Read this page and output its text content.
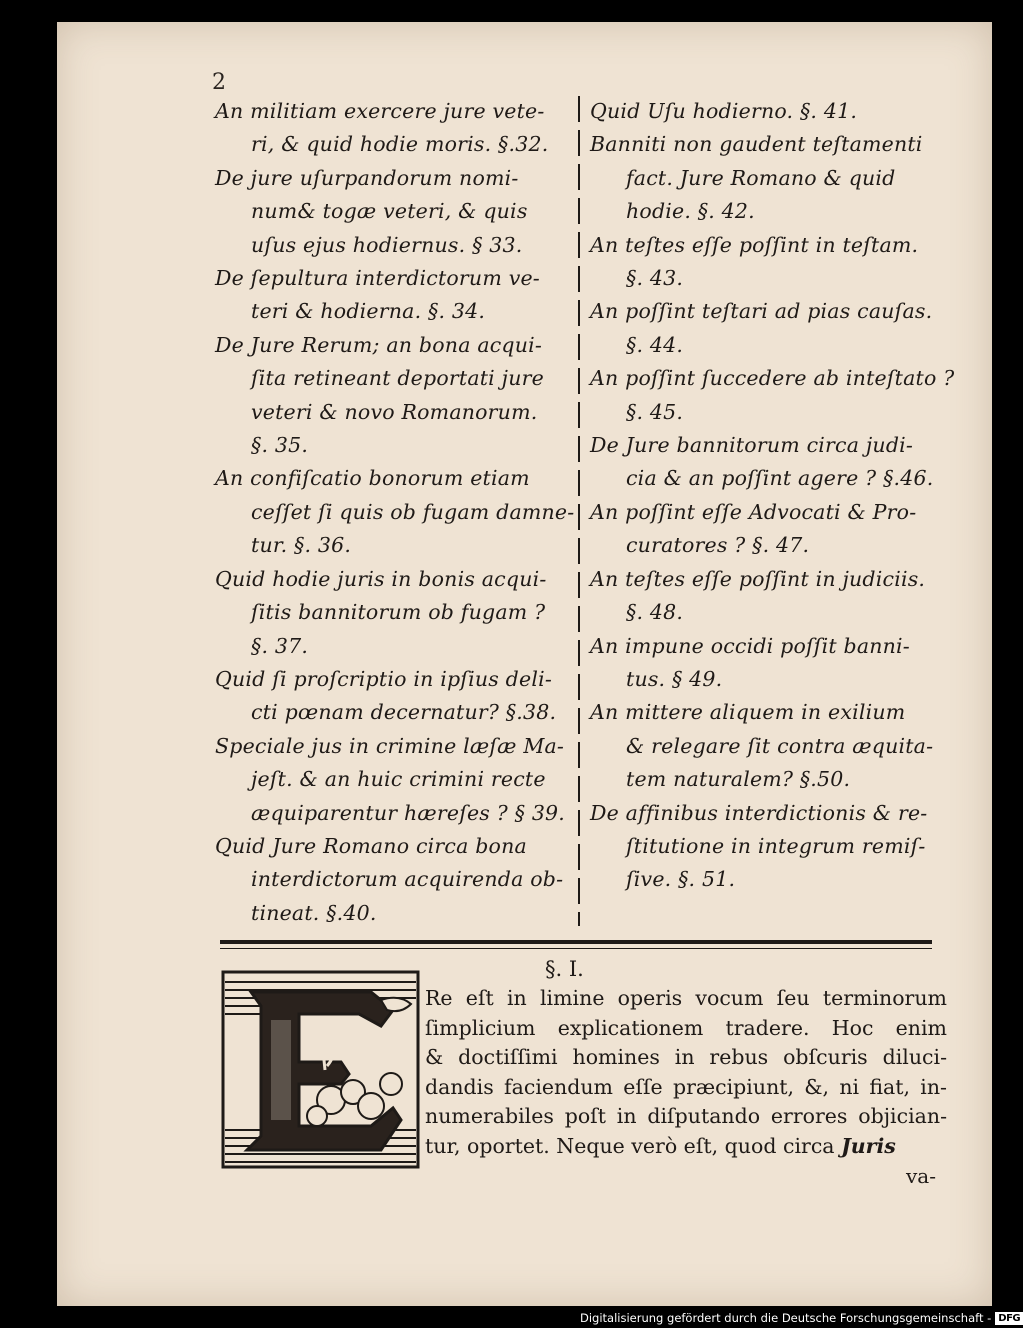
2
An militiam exercere jure vete-
ri, & quid hodie moris. §.32.
De jure uſurpandorum nomi-
num& togæ veteri, & quis
uſus ejus hodiernus. § 33.
De ſepultura interdictorum ve-
teri & hodierna. §. 34.
De Jure Rerum; an bona acqui-
ſita retineant deportati jure
veteri & novo Romanorum.
§. 35.
An confiſcatio bonorum etiam
ceſſet ſi quis ob fugam damne-
tur. §. 36.
Quid hodie juris in bonis acqui-
ſitis bannitorum ob fugam ?
§. 37.
Quid ſi proſcriptio in ipſius deli-
cti pœnam decernatur? §.38.
Speciale jus in crimine læſæ Ma-
jeſt. & an huic crimini recte
æquiparentur hæreſes ? § 39.
Quid Jure Romano circa bona
interdictorum acquirenda ob-
tineat. §.40.
Quid Uſu hodierno. §. 41.
Banniti non gaudent teſtamenti
fact. Jure Romano & quid
hodie. §. 42.
An teſtes eſſe poſſint in teſtam.
§. 43.
An poſſint teſtari ad pias cauſas.
§. 44.
An poſſint ſuccedere ab inteſtato ?
§. 45.
De Jure bannitorum circa judi-
cia & an poſſint agere ? §.46.
An poſſint eſſe Advocati & Pro-
curatores ? §. 47.
An teſtes eſſe poſſint in judiciis.
§. 48.
An impune occidi poſſit banni-
tus. § 49.
An mittere aliquem in exilium
& relegare ſit contra æquita-
tem naturalem? §.50.
De affinibus interdictionis & re-
ſtitutione in integrum remiſ-
ſive. §. 51.
§. I.
Re eſt in limine operis vocum ſeu terminorum
ſimplicium explicationem tradere. Hoc enim
& doctiſſimi homines in rebus obſcuris diluci-
dandis faciendum eſſe præcipiunt, &, ni fiat, in-
numerabiles poſt in diſputando errores objician-
tur, oportet. Neque verò eſt, quod circa Juris
va-
Digitalisierung gefördert durch die Deutsche Forschungsgemeinschaft - DFG
